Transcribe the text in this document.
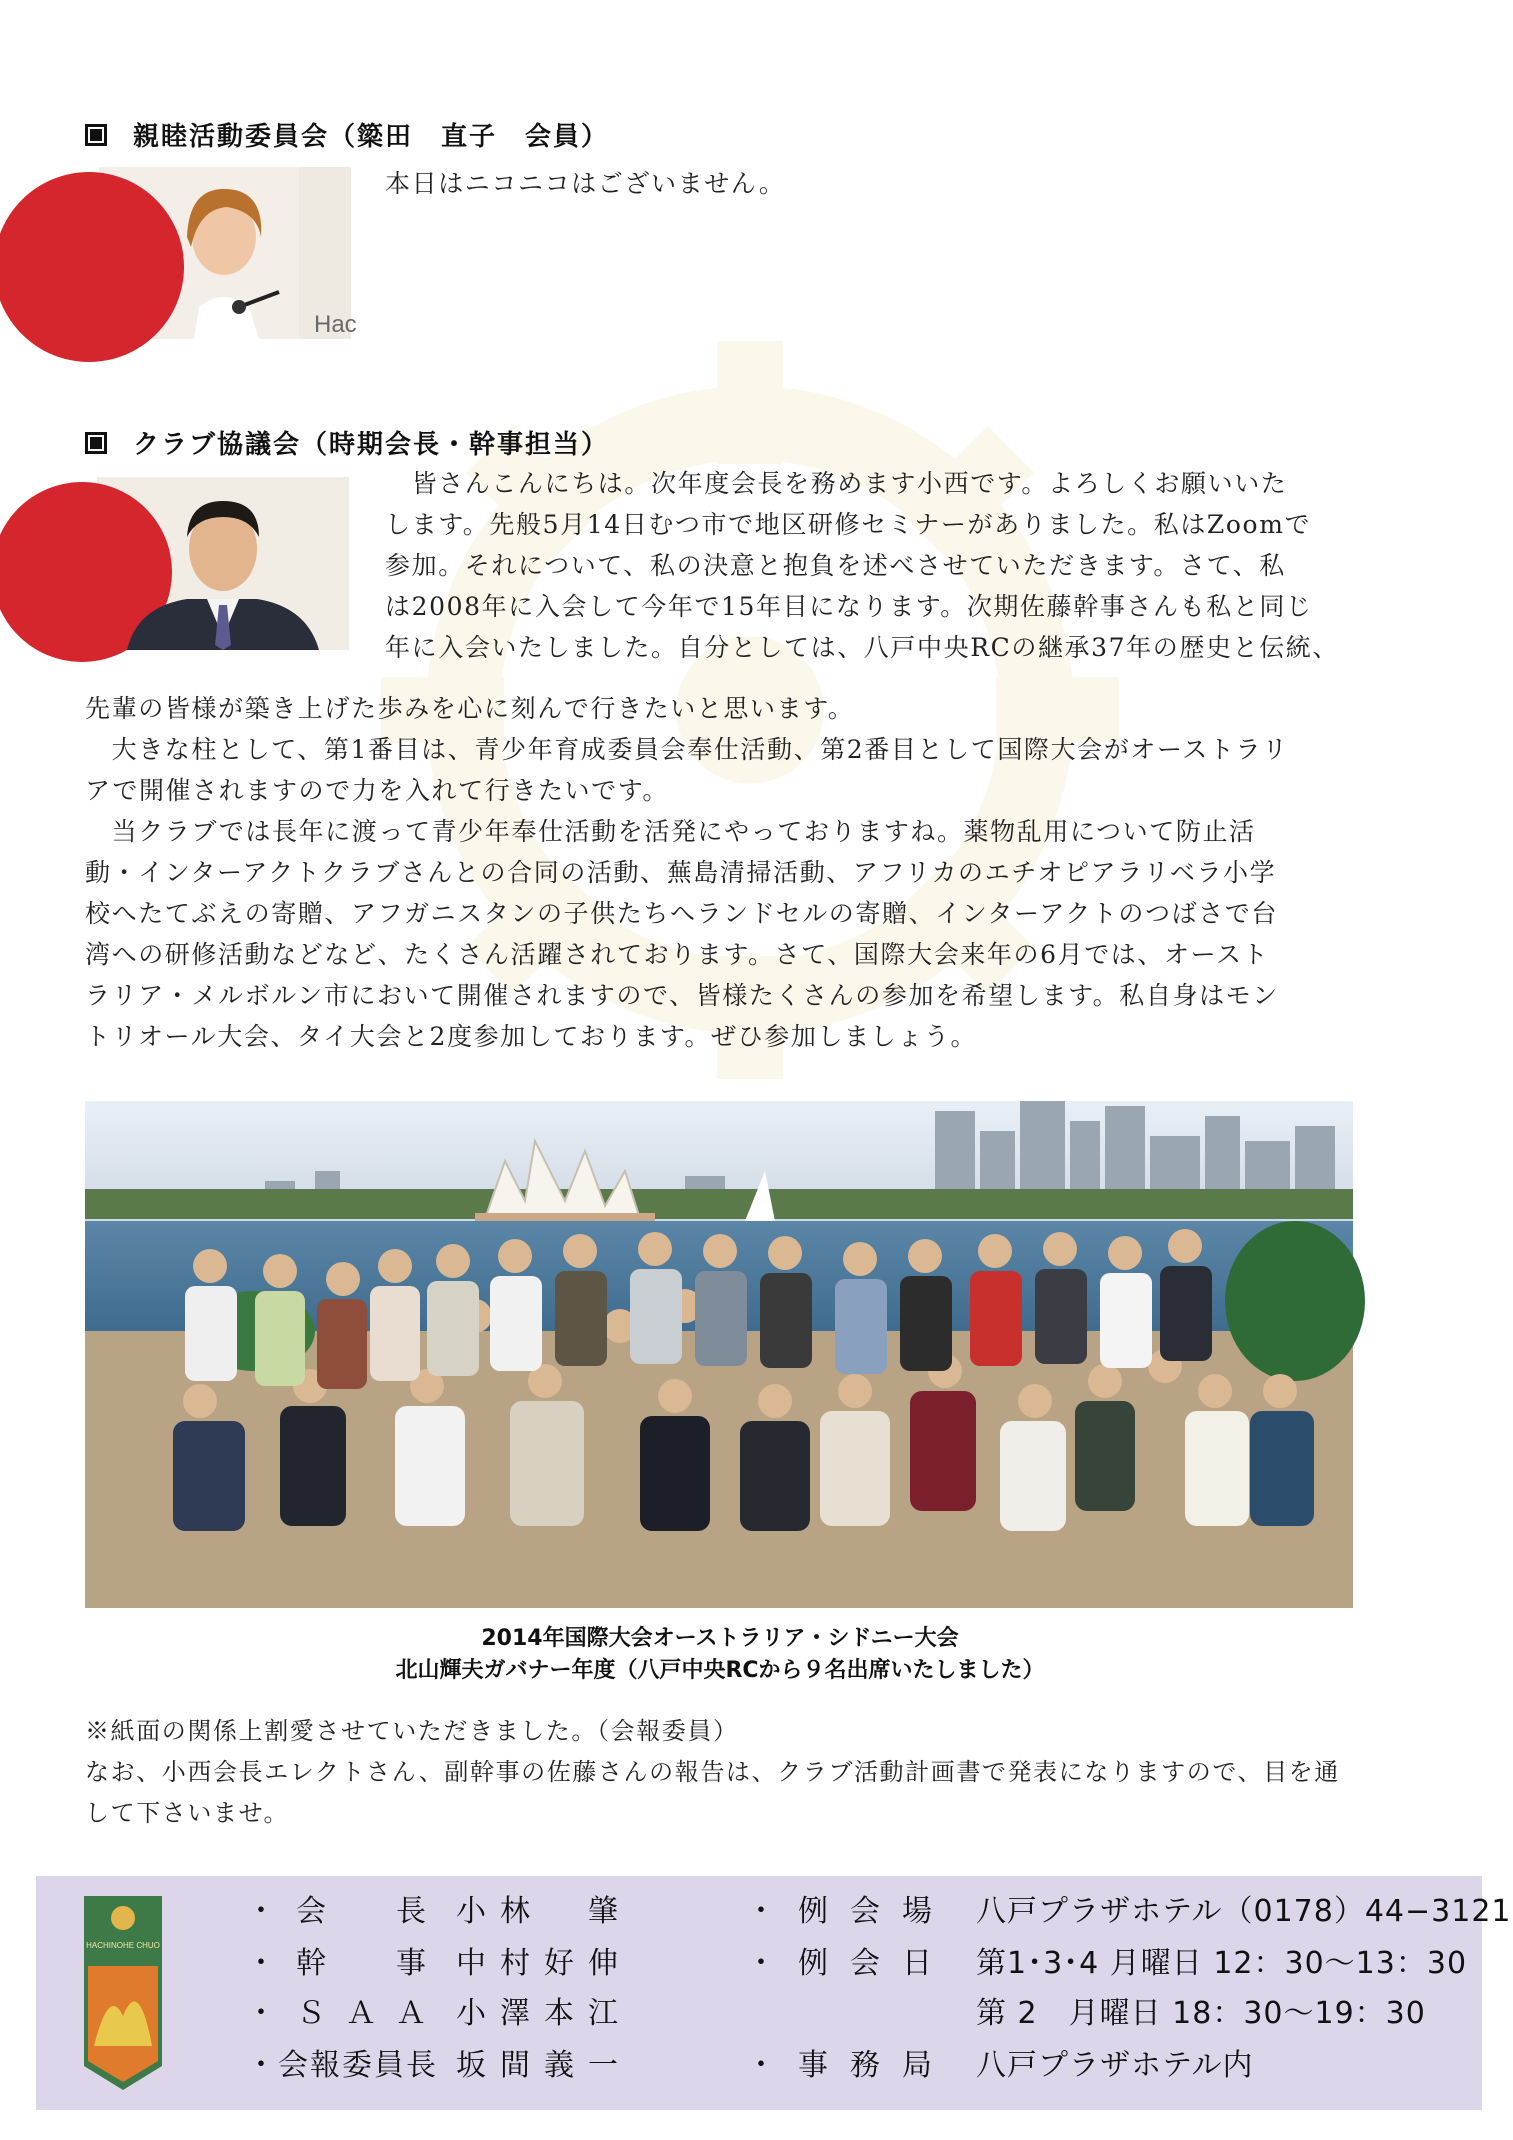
親睦活動委員会（簗田　直子　会員）
Hac
本日はニコニコはございません。
クラブ協議会（時期会長・幹事担当）
　皆さんこんにちは。次年度会長を務めます小西です。よろしくお願いいた
します。先般5月14日むつ市で地区研修セミナーがありました。私はZoomで
参加。それについて、私の決意と抱負を述べさせていただきます。さて、私
は2008年に入会して今年で15年目になります。次期佐藤幹事さんも私と同じ
年に入会いたしました。自分としては、八戸中央RCの継承37年の歴史と伝統、
先輩の皆様が築き上げた歩みを心に刻んで行きたいと思います。
　大きな柱として、第1番目は、青少年育成委員会奉仕活動、第2番目として国際大会がオーストラリ
アで開催されますので力を入れて行きたいです。
　当クラブでは長年に渡って青少年奉仕活動を活発にやっておりますね。薬物乱用について防止活
動・インターアクトクラブさんとの合同の活動、蕪島清掃活動、アフリカのエチオピアラリベラ小学
校へたてぶえの寄贈、アフガニスタンの子供たちへランドセルの寄贈、インターアクトのつばさで台
湾への研修活動などなど、たくさん活躍されております。さて、国際大会来年の6月では、オースト
ラリア・メルボルン市において開催されますので、皆様たくさんの参加を希望します。私自身はモン
トリオール大会、タイ大会と2度参加しております。ぜひ参加しましょう。
2014年国際大会オーストラリア・シドニー大会
北山輝夫ガバナー年度（八戸中央RCから９名出席いたしました）
※紙面の関係上割愛させていただきました。（会報委員）
なお、小西会長エレクトさん、副幹事の佐藤さんの報告は、クラブ活動計画書で発表になりますので、目を通
して下さいませ。
HACHINOHE CHUO
・会　長 小林　肇	・例会場 八戸プラザホテル（0178）44−3121
・幹　事 中村好伸	・例会日 第1･3･4 月曜日 12：30〜13：30
・ＳＡＡ 小澤本江	第 2　月曜日 18：30〜19：30
・会報委員長 坂間義一	・事務局 八戸プラザホテル内
